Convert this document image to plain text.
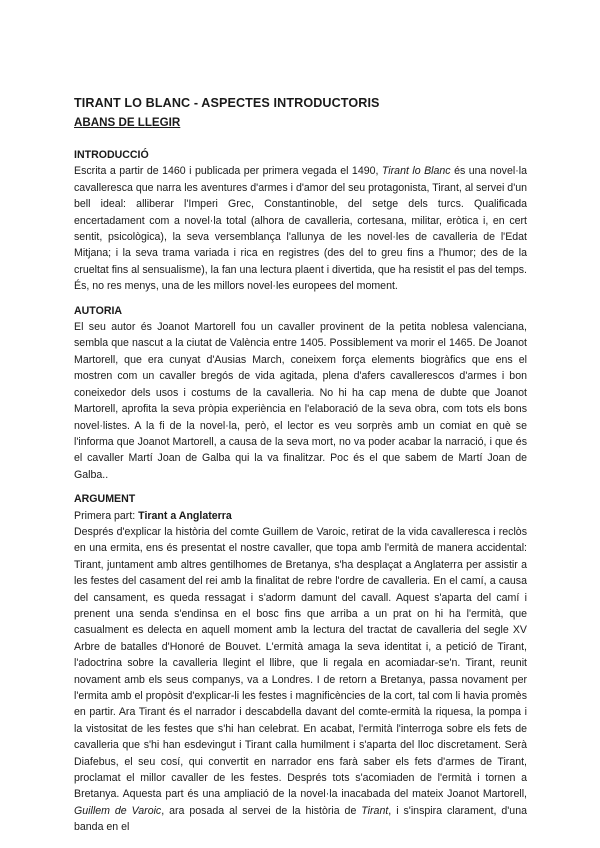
TIRANT LO BLANC - ASPECTES INTRODUCTORIS
ABANS DE LLEGIR
INTRODUCCIÓ

Escrita a partir de 1460 i publicada per primera vegada el 1490, Tirant lo Blanc és una novel·la cavalleresca que narra les aventures d'armes i d'amor del seu protagonista, Tirant, al servei d'un bell ideal: alliberar l'Imperi Grec, Constantinoble, del setge dels turcs. Qualificada encertadament com a novel·la total (alhora de cavalleria, cortesana, militar, eròtica i, en cert sentit, psicològica), la seva versemblança l'allunya de les novel·les de cavalleria de l'Edat Mitjana; i la seva trama variada i rica en registres (des del to greu fins a l'humor; des de la crueltat fins al sensualisme), la fan una lectura plaent i divertida, que ha resistit el pas del temps. És, no res menys, una de les millors novel·les europees del moment.

AUTORIA

El seu autor és Joanot Martorell fou un cavaller provinent de la petita noblesa valenciana, sembla que nascut a la ciutat de València entre 1405. Possiblement va morir el 1465. De Joanot Martorell, que era cunyat d'Ausias March, coneixem força elements biogràfics que ens el mostren com un cavaller bregós de vida agitada, plena d'afers cavallerescos d'armes i bon coneixedor dels usos i costums de la cavalleria. No hi ha cap mena de dubte que Joanot Martorell, aprofita la seva pròpia experiència en l'elaboració de la seva obra, com tots els bons novel·listes. A la fi de la novel·la, però, el lector es veu sorprès amb un comiat en què se l'informa que Joanot Martorell, a causa de la seva mort, no va poder acabar la narració, i que és el cavaller Martí Joan de Galba qui la va finalitzar. Poc és el que sabem de Martí Joan de Galba..

ARGUMENT
Primera part: Tirant a Anglaterra

Després d'explicar la història del comte Guillem de Varoic, retirat de la vida cavalleresca i reclòs en una ermita, ens és presentat el nostre cavaller, que topa amb l'ermità de manera accidental: Tirant, juntament amb altres gentilhomes de Bretanya, s'ha desplaçat a Anglaterra per assistir a les festes del casament del rei amb la finalitat de rebre l'ordre de cavalleria. En el camí, a causa del cansament, es queda ressagat i s'adorm damunt del cavall. Aquest s'aparta del camí i prenent una senda s'endinsa en el bosc fins que arriba a un prat on hi ha l'ermità, que casualment es delecta en aquell moment amb la lectura del tractat de cavalleria del segle XV Arbre de batalles d'Honoré de Bouvet. L'ermità amaga la seva identitat i, a petició de Tirant, l'adoctrina sobre la cavalleria llegint el llibre, que li regala en acomiadar-se'n. Tirant, reunit novament amb els seus companys, va a Londres. I de retorn a Bretanya, passa novament per l'ermita amb el propòsit d'explicar-li les festes i magnificències de la cort, tal com li havia promès en partir. Ara Tirant és el narrador i descabdella davant del comte-ermità la riquesa, la pompa i la vistositat de les festes que s'hi han celebrat. En acabat, l'ermità l'interroga sobre els fets de cavalleria que s'hi han esdevingut i Tirant calla humilment i s'aparta del lloc discretament. Serà Diafebus, el seu cosí, qui convertit en narrador ens farà saber els fets d'armes de Tirant, proclamat el millor cavaller de les festes. Després tots s'acomiaden de l'ermità i tornen a Bretanya. Aquesta part és una ampliació de la novel·la inacabada del mateix Joanot Martorell, Guillem de Varoic, ara posada al servei de la història de Tirant, i s'inspira clarament, d'una banda en el
